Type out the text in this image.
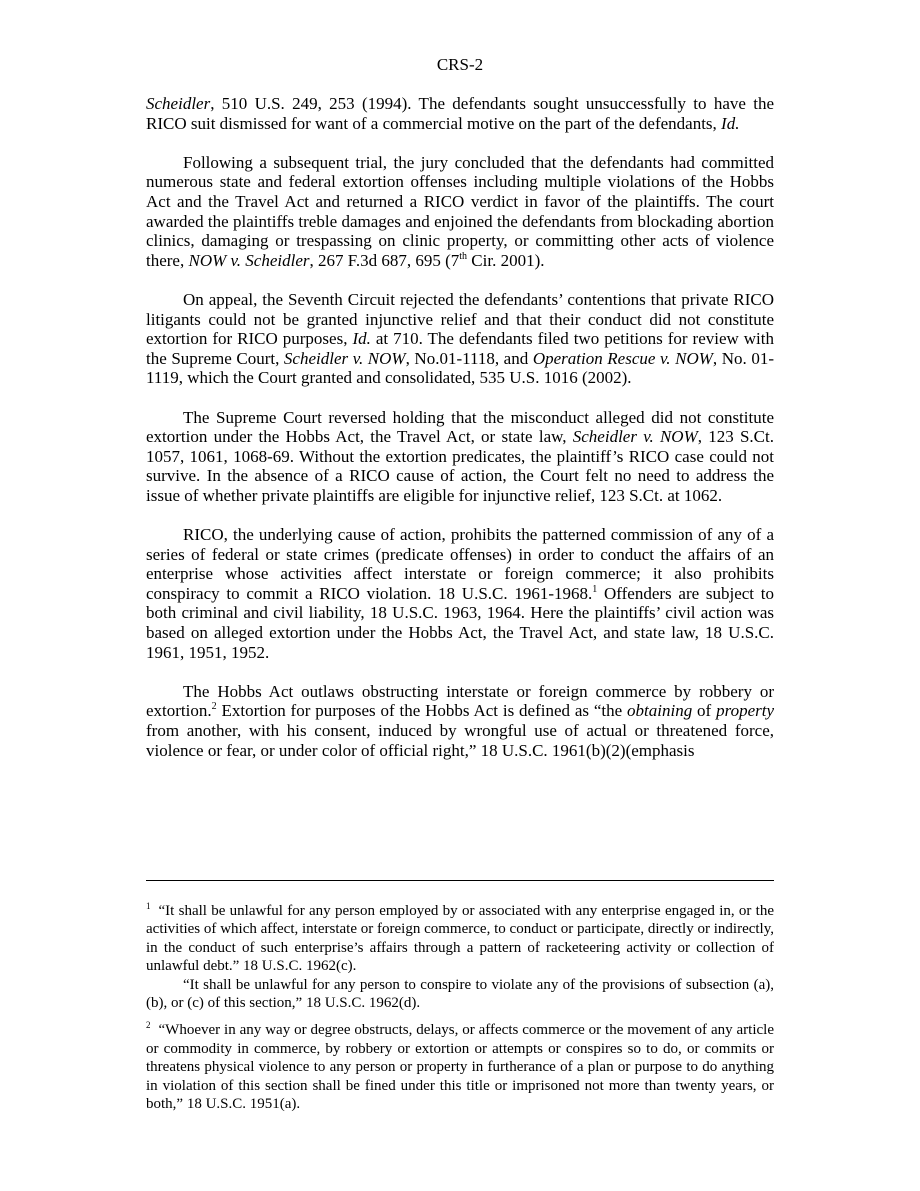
CRS-2

Scheidler, 510 U.S. 249, 253 (1994). The defendants sought unsuccessfully to have the RICO suit dismissed for want of a commercial motive on the part of the defendants, Id.

Following a subsequent trial, the jury concluded that the defendants had committed numerous state and federal extortion offenses including multiple violations of the Hobbs Act and the Travel Act and returned a RICO verdict in favor of the plaintiffs. The court awarded the plaintiffs treble damages and enjoined the defendants from blockading abortion clinics, damaging or trespassing on clinic property, or committing other acts of violence there, NOW v. Scheidler, 267 F.3d 687, 695 (7th Cir. 2001).

On appeal, the Seventh Circuit rejected the defendants’ contentions that private RICO litigants could not be granted injunctive relief and that their conduct did not constitute extortion for RICO purposes, Id. at 710. The defendants filed two petitions for review with the Supreme Court, Scheidler v. NOW, No.01-1118, and Operation Rescue v. NOW, No. 01-1119, which the Court granted and consolidated, 535 U.S. 1016 (2002).

The Supreme Court reversed holding that the misconduct alleged did not constitute extortion under the Hobbs Act, the Travel Act, or state law, Scheidler v. NOW, 123 S.Ct. 1057, 1061, 1068-69. Without the extortion predicates, the plaintiff’s RICO case could not survive. In the absence of a RICO cause of action, the Court felt no need to address the issue of whether private plaintiffs are eligible for injunctive relief, 123 S.Ct. at 1062.

RICO, the underlying cause of action, prohibits the patterned commission of any of a series of federal or state crimes (predicate offenses) in order to conduct the affairs of an enterprise whose activities affect interstate or foreign commerce; it also prohibits conspiracy to commit a RICO violation. 18 U.S.C. 1961-1968.$^1$ Offenders are subject to both criminal and civil liability, 18 U.S.C. 1963, 1964. Here the plaintiffs’ civil action was based on alleged extortion under the Hobbs Act, the Travel Act, and state law, 18 U.S.C. 1961, 1951, 1952.

The Hobbs Act outlaws obstructing interstate or foreign commerce by robbery or extortion.$^2$ Extortion for purposes of the Hobbs Act is defined as “the obtaining of property from another, with his consent, induced by wrongful use of actual or threatened force, violence or fear, or under color of official right,” 18 U.S.C. 1961(b)(2)(emphasis

$^1$ “It shall be unlawful for any person employed by or associated with any enterprise engaged in, or the activities of which affect, interstate or foreign commerce, to conduct or participate, directly or indirectly, in the conduct of such enterprise’s affairs through a pattern of racketeering activity or collection of unlawful debt.” 18 U.S.C. 1962(c).

“It shall be unlawful for any person to conspire to violate any of the provisions of subsection (a), (b), or (c) of this section,” 18 U.S.C. 1962(d).

$^2$ “Whoever in any way or degree obstructs, delays, or affects commerce or the movement of any article or commodity in commerce, by robbery or extortion or attempts or conspires so to do, or commits or threatens physical violence to any person or property in furtherance of a plan or purpose to do anything in violation of this section shall be fined under this title or imprisoned not more than twenty years, or both,” 18 U.S.C. 1951(a).
